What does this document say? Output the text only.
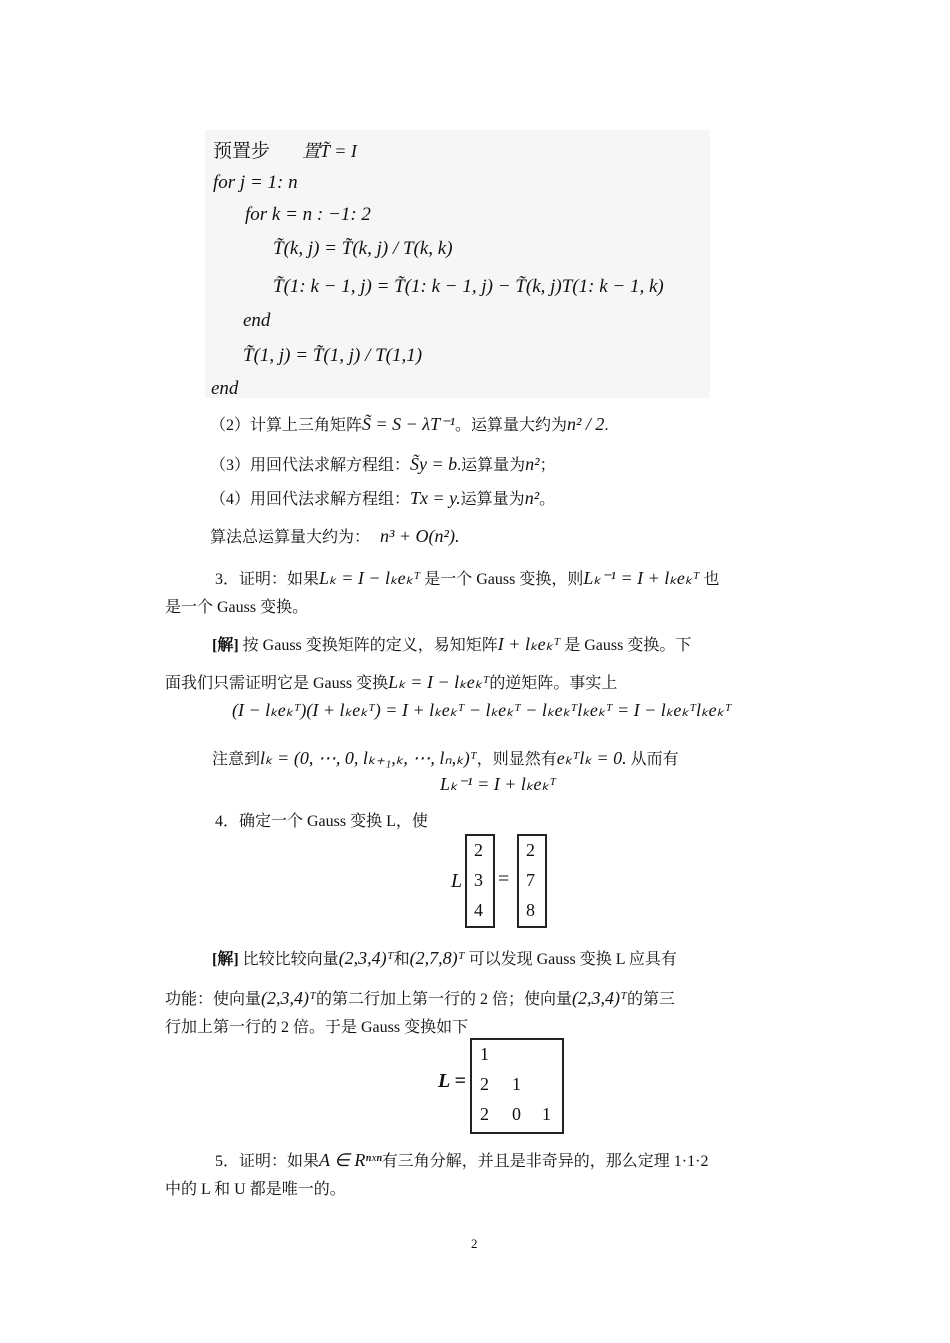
预置步 置T̃ = I
for j = 1: n
for k = n : −1: 2
T̃(k, j) = T̃(k, j) / T(k, k)
T̃(1: k − 1, j) = T̃(1: k − 1, j) − T̃(k, j)T(1: k − 1, k)
end
T̃(1, j) = T̃(1, j) / T(1,1)
end
（2）计算上三角矩阵S̃ = S − λT⁻¹。运算量大约为n² / 2.
（3）用回代法求解方程组：S̃y = b.运算量为n²；
（4）用回代法求解方程组：Tx = y.运算量为n²。
算法总运算量大约为： n³ + O(n²).
3．证明：如果Lₖ = I − lₖeₖᵀ 是一个 Gauss 变换，则Lₖ⁻¹ = I + lₖeₖᵀ 也
是一个 Gauss 变换。
[解] 按 Gauss 变换矩阵的定义，易知矩阵I + lₖeₖᵀ 是 Gauss 变换。下
面我们只需证明它是 Gauss 变换Lₖ = I − lₖeₖᵀ的逆矩阵。事实上
(I − lₖeₖᵀ)(I + lₖeₖᵀ) = I + lₖeₖᵀ − lₖeₖᵀ − lₖeₖᵀlₖeₖᵀ = I − lₖeₖᵀlₖeₖᵀ
注意到lₖ = (0, ⋯, 0, lₖ₊₁,ₖ, ⋯, lₙ,ₖ)ᵀ，则显然有eₖᵀlₖ = 0. 从而有
Lₖ⁻¹ = I + lₖeₖᵀ
4．确定一个 Gauss 变换 L，使
L
2
3
4
=
2
7
8
[解] 比较比较向量(2,3,4)ᵀ和(2,7,8)ᵀ 可以发现 Gauss 变换 L 应具有
功能：使向量(2,3,4)ᵀ的第二行加上第一行的 2 倍；使向量(2,3,4)ᵀ的第三
行加上第一行的 2 倍。于是 Gauss 变换如下
L =
1
2 1
2 0 1
5．证明：如果A ∈ Rⁿˣⁿ有三角分解，并且是非奇异的，那么定理 1·1·2
中的 L 和 U 都是唯一的。
2
